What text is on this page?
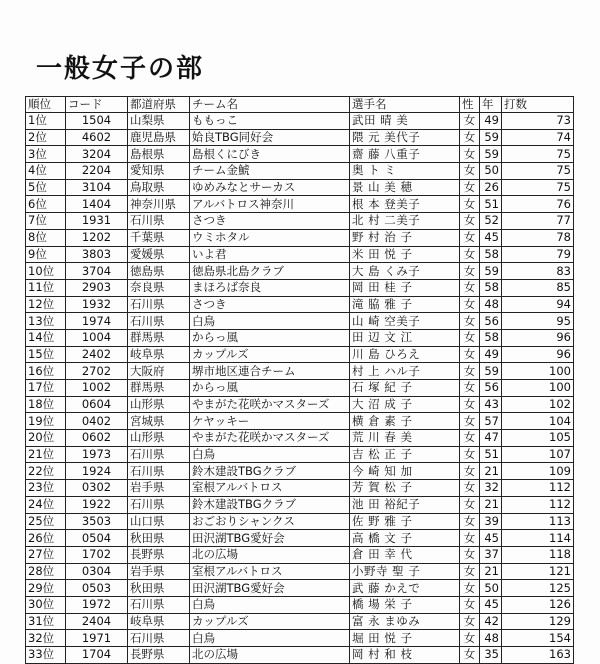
一般女子の部
順位	コード	都道府県	チーム名	選手名	性	年	打数
1位	1504	山梨県	ももっこ	武田 晴 美	女	49	73
2位	4602	鹿児島県	姶良TBG同好会	隈 元 美代子	女	59	74
3位	3204	島根県	島根くにびき	齋 藤 八重子	女	59	75
4位	2204	愛知県	チーム金鯱	奥 ト ミ	女	50	75
5位	3104	鳥取県	ゆめみなとサーカス	景 山 美 穂	女	26	75
6位	1404	神奈川県	アルバトロス神奈川	根 本 登美子	女	51	76
7位	1931	石川県	さつき	北 村 二美子	女	52	77
8位	1202	千葉県	ウミホタル	野 村 治 子	女	45	78
9位	3803	愛媛県	いよ君	米 田 悦 子	女	58	79
10位	3704	徳島県	徳島県北島クラブ	大 島 くみ子	女	59	83
11位	2903	奈良県	まほろば奈良	岡 田 桂 子	女	58	85
12位	1932	石川県	さつき	滝 脇 雅 子	女	48	94
13位	1974	石川県	白鳥	山 崎 空美子	女	56	95
14位	1004	群馬県	からっ風	田 辺 文 江	女	58	96
15位	2402	岐阜県	カップルズ	川 島 ひろえ	女	49	96
16位	2702	大阪府	堺市地区連合チーム	村 上 ハル子	女	59	100
17位	1002	群馬県	からっ風	石 塚 紀 子	女	56	100
18位	0604	山形県	やまがた花咲かマスターズ	大 沼 成 子	女	43	102
19位	0402	宮城県	ケヤッキー	横 倉 素 子	女	57	104
20位	0602	山形県	やまがた花咲かマスターズ	荒 川 春 美	女	47	105
21位	1973	石川県	白鳥	吉 松 正 子	女	51	107
22位	1924	石川県	鈴木建設TBGクラブ	今 崎 知 加	女	21	109
23位	0302	岩手県	室根アルバトロス	芳 賀 松 子	女	32	112
24位	1922	石川県	鈴木建設TBGクラブ	池 田 裕紀子	女	21	112
25位	3503	山口県	おごおりシャンクス	佐 野 雅 子	女	39	113
26位	0504	秋田県	田沢湖TBG愛好会	高 橋 文 子	女	45	114
27位	1702	長野県	北の広場	倉 田 幸 代	女	37	118
28位	0304	岩手県	室根アルバトロス	小野寺 聖 子	女	21	121
29位	0503	秋田県	田沢湖TBG愛好会	武 藤 かえで	女	50	125
30位	1972	石川県	白鳥	橋 場 栄 子	女	45	126
31位	2404	岐阜県	カップルズ	富 永 まゆみ	女	42	129
32位	1971	石川県	白鳥	堀 田 悦 子	女	48	154
33位	1704	長野県	北の広場	岡 村 和 枝	女	35	163
